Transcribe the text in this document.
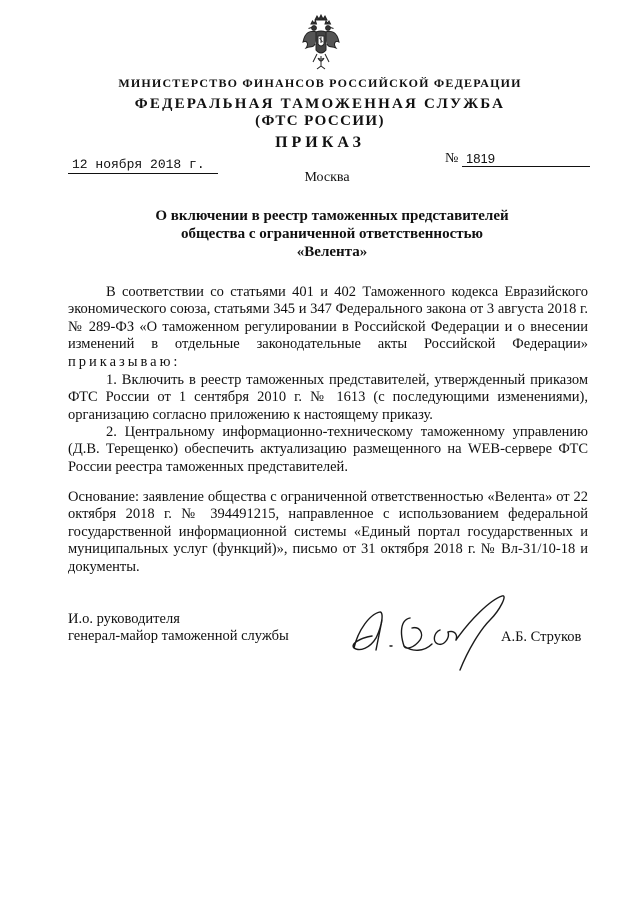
МИНИСТЕРСТВО ФИНАНСОВ РОССИЙСКОЙ ФЕДЕРАЦИИ
ФЕДЕРАЛЬНАЯ ТАМОЖЕННАЯ СЛУЖБА
(ФТС РОССИИ)
ПРИКАЗ
12 ноября 2018 г.	№ 1819
Москва
О включении в реестр таможенных представителей общества с ограниченной ответственностью «Велента»

В соответствии со статьями 401 и 402 Таможенного кодекса Евразийского экономического союза, статьями 345 и 347 Федерального закона от 3 августа 2018 г. № 289-ФЗ «О таможенном регулировании в Российской Федерации и о внесении изменений в отдельные законодательные акты Российской Федерации» приказываю:

1. Включить в реестр таможенных представителей, утвержденный приказом ФТС России от 1 сентября 2010 г. № 1613 (с последующими изменениями), организацию согласно приложению к настоящему приказу.

2. Центральному информационно-техническому таможенному управлению (Д.В. Терещенко) обеспечить актуализацию размещенного на WEB-сервере ФТС России реестра таможенных представителей.

Основание: заявление общества с ограниченной ответственностью «Велента» от 22 октября 2018 г. № 394491215, направленное с использованием федеральной государственной информационной системы «Единый портал государственных и муниципальных услуг (функций)», письмо от 31 октября 2018 г. № Вл-31/10-18 и документы.

И.о. руководителя
генерал-майор таможенной службы	А.Б. Струков
